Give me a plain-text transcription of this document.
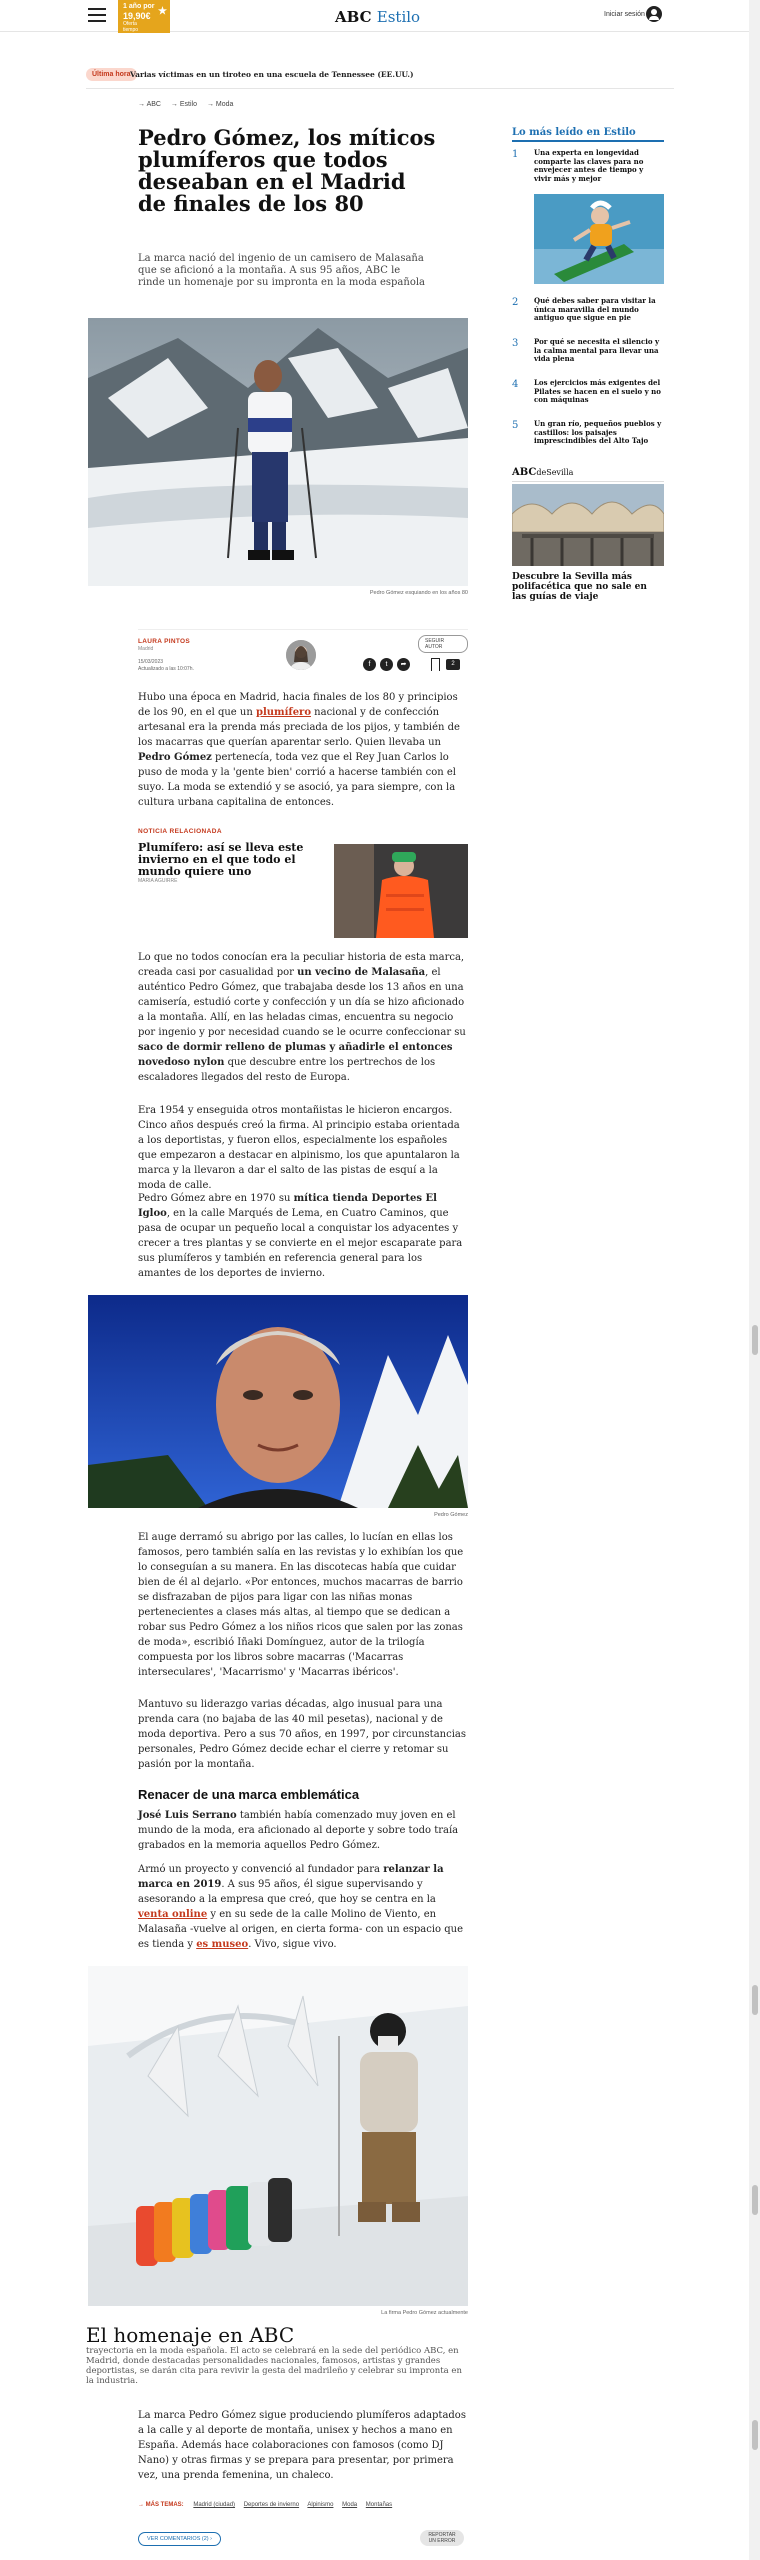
1 año por
19,90€
Oferta tiempo limitado
★	ABC Estilo	Iniciar sesión
Última hora Varias víctimas en un tiroteo en una escuela de Tennessee (EE.UU.)
→ ABC → Estilo → Moda
Pedro Gómez, los míticos plumíferos que todos deseaban en el Madrid de finales de los 80

La marca nació del ingenio de un camisero de Malasaña que se aficionó a la montaña. A sus 95 años, ABC le rinde un homenaje por su impronta en la moda española

Pedro Gómez esquiando en los años 80
LAURA PINTOS
Madrid
15/03/2023
Actualizado a las 10:07h.
SEGUIR AUTOR
f	t	➦	2

Hubo una época en Madrid, hacia finales de los 80 y principios de los 90, en el que un plumífero nacional y de confección artesanal era la prenda más preciada de los pijos, y también de los macarras que querían aparentar serlo. Quien llevaba un Pedro Gómez pertenecía, toda vez que el Rey Juan Carlos lo puso de moda y la 'gente bien' corrió a hacerse también con el suyo. La moda se extendió y se asoció, ya para siempre, con la cultura urbana capitalina de entonces.

NOTICIA RELACIONADA
Plumífero: así se lleva este invierno en el que todo el mundo quiere uno
MARIA AGUIRRE

Lo que no todos conocían era la peculiar historia de esta marca, creada casi por casualidad por un vecino de Malasaña, el auténtico Pedro Gómez, que trabajaba desde los 13 años en una camisería, estudió corte y confección y un día se hizo aficionado a la montaña. Allí, en las heladas cimas, encuentra su negocio por ingenio y por necesidad cuando se le ocurre confeccionar su saco de dormir relleno de plumas y añadirle el entonces novedoso nylon que descubre entre los pertrechos de los escaladores llegados del resto de Europa.

Era 1954 y enseguida otros montañistas le hicieron encargos. Cinco años después creó la firma. Al principio estaba orientada a los deportistas, y fueron ellos, especialmente los españoles que empezaron a destacar en alpinismo, los que apuntalaron la marca y la llevaron a dar el salto de las pistas de esquí a la moda de calle.

Pedro Gómez abre en 1970 su mítica tienda Deportes El Igloo, en la calle Marqués de Lema, en Cuatro Caminos, que pasa de ocupar un pequeño local a conquistar los adyacentes y crecer a tres plantas y se convierte en el mejor escaparate para sus plumíferos y también en referencia general para los amantes de los deportes de invierno.

Pedro Gómez

El auge derramó su abrigo por las calles, lo lucían en ellas los famosos, pero también salía en las revistas y lo exhibían los que lo conseguían a su manera. En las discotecas había que cuidar bien de él al dejarlo. «Por entonces, muchos macarras de barrio se disfrazaban de pijos para ligar con las niñas monas pertenecientes a clases más altas, al tiempo que se dedican a robar sus Pedro Gómez a los niños ricos que salen por las zonas de moda», escribió Iñaki Domínguez, autor de la trilogía compuesta por los libros sobre macarras ('Macarras interseculares', 'Macarrismo' y 'Macarras ibéricos'.

Mantuvo su liderazgo varias décadas, algo inusual para una prenda cara (no bajaba de las 40 mil pesetas), nacional y de moda deportiva. Pero a sus 70 años, en 1997, por circunstancias personales, Pedro Gómez decide echar el cierre y retomar su pasión por la montaña.

Renacer de una marca emblemática

José Luis Serrano también había comenzado muy joven en el mundo de la moda, era aficionado al deporte y sobre todo traía grabados en la memoria aquellos Pedro Gómez.

Armó un proyecto y convenció al fundador para relanzar la marca en 2019. A sus 95 años, él sigue supervisando y asesorando a la empresa que creó, que hoy se centra en la venta online y en su sede de la calle Molino de Viento, en Malasaña -vuelve al origen, en cierta forma- con un espacio que es tienda y es museo. Vivo, sigue vivo.

La firma Pedro Gómez actualmente
El homenaje en ABC

trayectoria en la moda española. El acto se celebrará en la sede del periódico ABC, en Madrid, donde destacadas personalidades nacionales, famosos, artistas y grandes deportistas, se darán cita para revivir la gesta del madrileño y celebrar su impronta en la industria.

La marca Pedro Gómez sigue produciendo plumíferos adaptados a la calle y al deporte de montaña, unisex y hechos a mano en España. Además hace colaboraciones con famosos (como DJ Nano) y otras firmas y se prepara para presentar, por primera vez, una prenda femenina, un chaleco.

→ MÁS TEMAS: Madrid (ciudad) Deportes de invierno Alpinismo Moda Montañas
VER COMENTARIOS (2) ›
REPORTAR UN ERROR
Lo más leído en Estilo
1 Una experta en longevidad comparte las claves para no envejecer antes de tiempo y vivir más y mejor
2 Qué debes saber para visitar la única maravilla del mundo antiguo que sigue en pie
3 Por qué se necesita el silencio y la calma mental para llevar una vida plena
4 Los ejercicios más exigentes del Pilates se hacen en el suelo y no con máquinas
5 Un gran río, pequeños pueblos y castillos: los paisajes imprescindibles del Alto Tajo
ABCdeSevilla
Descubre la Sevilla más polifacética que no sale en las guías de viaje
